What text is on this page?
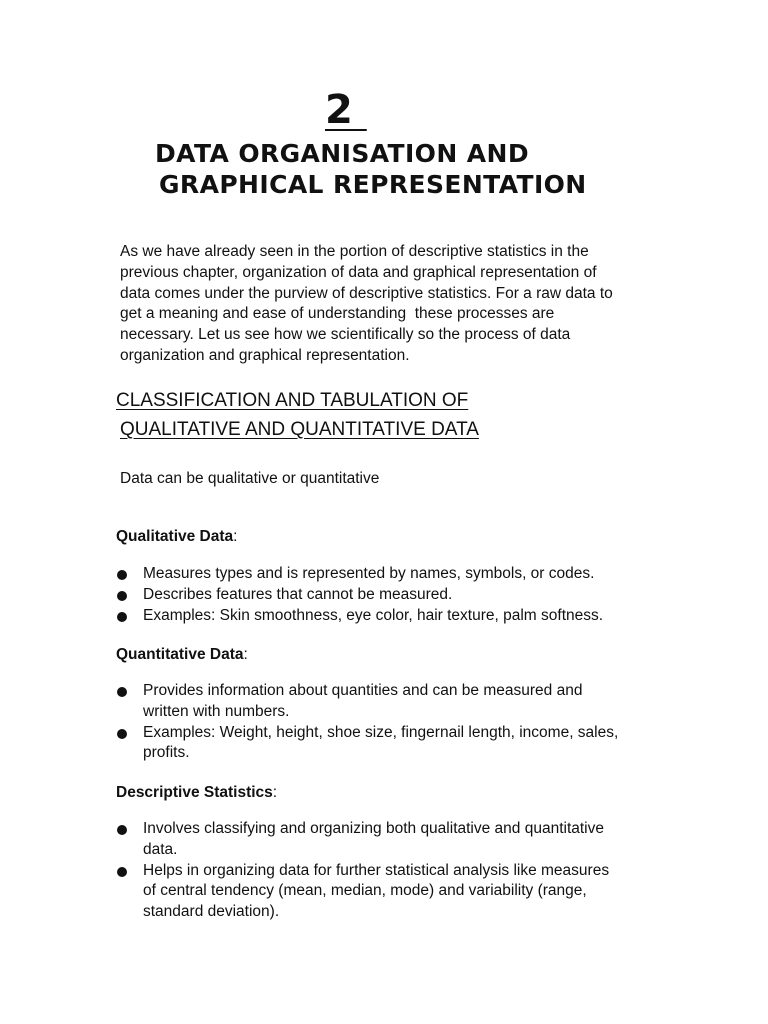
2
DATA ORGANISATION AND
GRAPHICAL REPRESENTATION
As we have already seen in the portion of descriptive statistics in the
previous chapter, organization of data and graphical representation of
data comes under the purview of descriptive statistics. For a raw data to
get a meaning and ease of understanding  these processes are
necessary. Let us see how we scientifically so the process of data
organization and graphical representation.
CLASSIFICATION AND TABULATION OF
QUALITATIVE AND QUANTITATIVE DATA
Data can be qualitative or quantitative
Qualitative Data:
Measures types and is represented by names, symbols, or codes.
Describes features that cannot be measured.
Examples: Skin smoothness, eye color, hair texture, palm softness.
Quantitative Data:
Provides information about quantities and can be measured and
written with numbers.
Examples: Weight, height, shoe size, fingernail length, income, sales,
profits.
Descriptive Statistics:
Involves classifying and organizing both qualitative and quantitative
data.
Helps in organizing data for further statistical analysis like measures
of central tendency (mean, median, mode) and variability (range,
standard deviation).
